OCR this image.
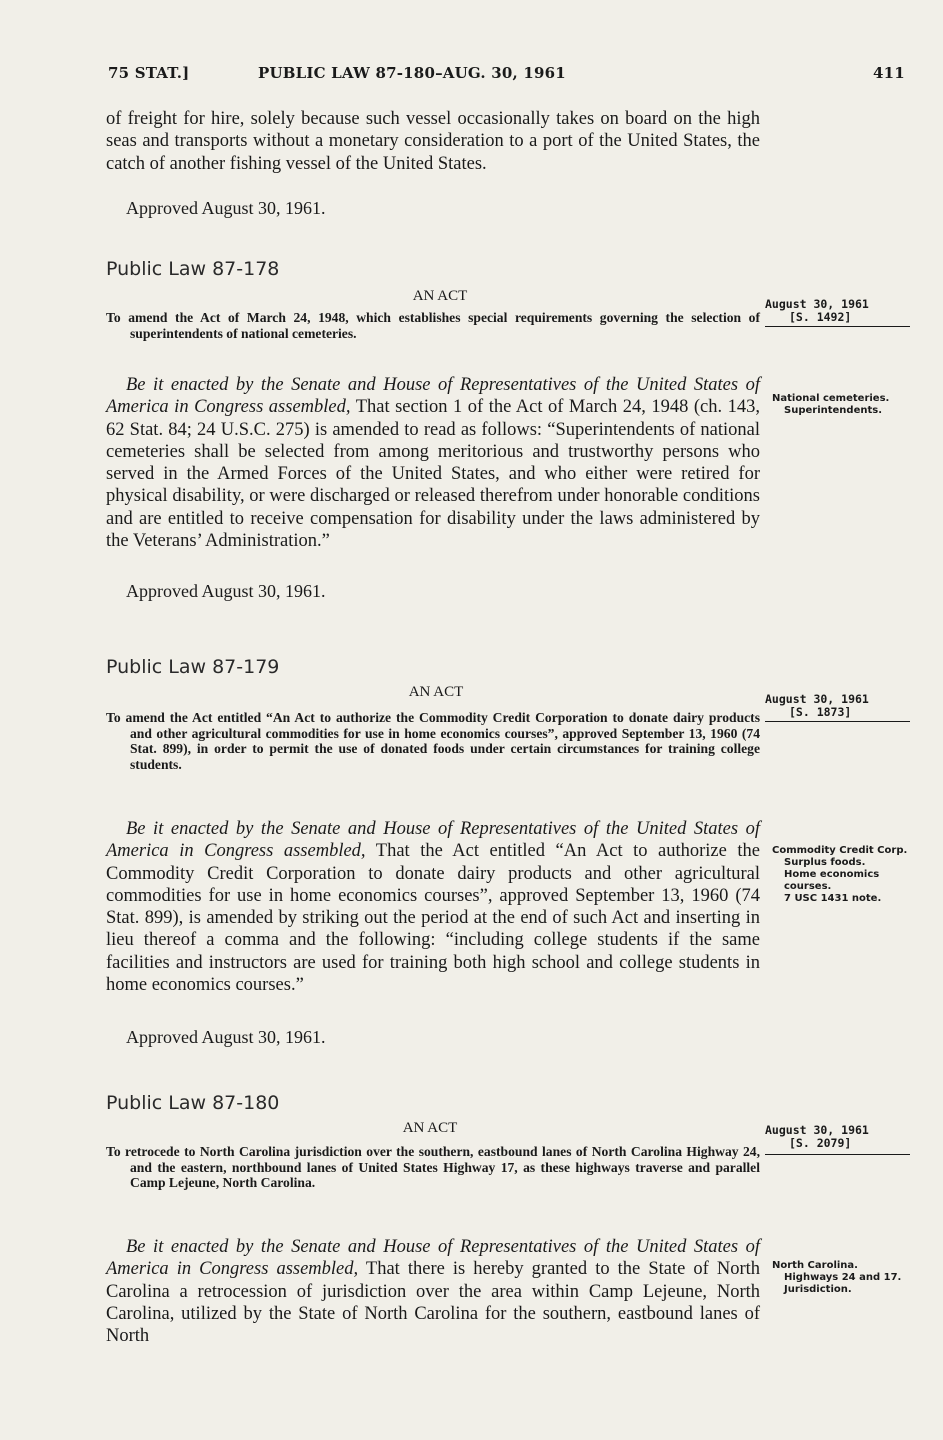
75 STAT.]	PUBLIC LAW 87-180–AUG. 30, 1961	411

of freight for hire, solely because such vessel occasionally takes on board on the high seas and transports without a monetary consideration to a port of the United States, the catch of another fishing vessel of the United States.

Approved August 30, 1961.
Public Law 87-178
AN ACT
To amend the Act of March 24, 1948, which establishes special requirements governing the selection of superintendents of national cemeteries.
August 30, 1961
[S. 1492]

Be it enacted by the Senate and House of Representatives of the United States of America in Congress assembled, That section 1 of the Act of March 24, 1948 (ch. 143, 62 Stat. 84; 24 U.S.C. 275) is amended to read as follows: “Superintendents of national cemeteries shall be selected from among meritorious and trustworthy persons who served in the Armed Forces of the United States, and who either were retired for physical disability, or were discharged or released therefrom under honorable conditions and are entitled to receive compensation for disability under the laws administered by the Veterans’ Administration.”

Approved August 30, 1961.
National cemeteries.
Superintendents.
Public Law 87-179
AN ACT
To amend the Act entitled “An Act to authorize the Commodity Credit Corporation to donate dairy products and other agricultural commodities for use in home economics courses”, approved September 13, 1960 (74 Stat. 899), in order to permit the use of donated foods under certain circumstances for training college students.
August 30, 1961
[S. 1873]

Be it enacted by the Senate and House of Representatives of the United States of America in Congress assembled, That the Act entitled “An Act to authorize the Commodity Credit Corporation to donate dairy products and other agricultural commodities for use in home economics courses”, approved September 13, 1960 (74 Stat. 899), is amended by striking out the period at the end of such Act and inserting in lieu thereof a comma and the following: “including college students if the same facilities and instructors are used for training both high school and college students in home economics courses.”

Approved August 30, 1961.
Commodity Credit Corp.
Surplus foods.
Home economics courses.
7 USC 1431 note.
Public Law 87-180
AN ACT
To retrocede to North Carolina jurisdiction over the southern, eastbound lanes of North Carolina Highway 24, and the eastern, northbound lanes of United States Highway 17, as these highways traverse and parallel Camp Lejeune, North Carolina.
August 30, 1961
[S. 2079]

Be it enacted by the Senate and House of Representatives of the United States of America in Congress assembled, That there is hereby granted to the State of North Carolina a retrocession of jurisdiction over the area within Camp Lejeune, North Carolina, utilized by the State of North Carolina for the southern, eastbound lanes of North

North Carolina.
Highways 24 and 17.
Jurisdiction.
